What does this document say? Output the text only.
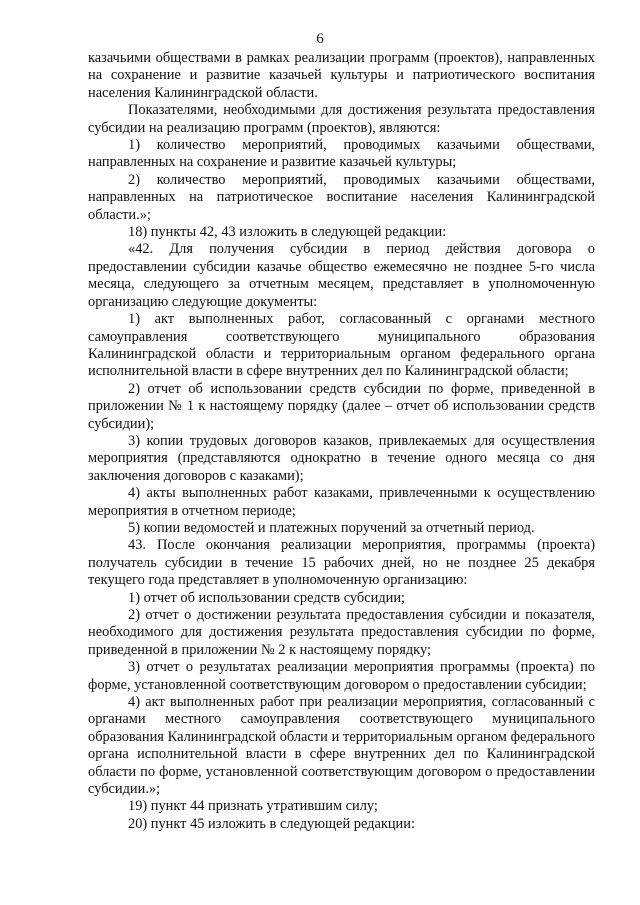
6

казачьими обществами в рамках реализации программ (проектов), направленных на сохранение и развитие казачьей культуры и патриотического воспитания населения Калининградской области.

Показателями, необходимыми для достижения результата предоставления субсидии на реализацию программ (проектов), являются:

1) количество мероприятий, проводимых казачьими обществами, направленных на сохранение и развитие казачьей культуры;

2) количество мероприятий, проводимых казачьими обществами, направленных на патриотическое воспитание населения Калининградской области.»;

18) пункты 42, 43 изложить в следующей редакции:

«42. Для получения субсидии в период действия договора о предоставлении субсидии казачье общество ежемесячно не позднее 5-го числа месяца, следующего за отчетным месяцем, представляет в уполномоченную организацию следующие документы:

1) акт выполненных работ, согласованный с органами местного самоуправления соответствующего муниципального образования Калининградской области и территориальным органом федерального органа исполнительной власти в сфере внутренних дел по Калининградской области;

2) отчет об использовании средств субсидии по форме, приведенной в приложении № 1 к настоящему порядку (далее – отчет об использовании средств субсидии);

3) копии трудовых договоров казаков, привлекаемых для осуществления мероприятия (представляются однократно в течение одного месяца со дня заключения договоров с казаками);

4) акты выполненных работ казаками, привлеченными к осуществлению мероприятия в отчетном периоде;

5) копии ведомостей и платежных поручений за отчетный период.

43. После окончания реализации мероприятия, программы (проекта) получатель субсидии в течение 15 рабочих дней, но не позднее 25 декабря текущего года представляет в уполномоченную организацию:

1) отчет об использовании средств субсидии;

2) отчет о достижении результата предоставления субсидии и показателя, необходимого для достижения результата предоставления субсидии по форме, приведенной в приложении № 2 к настоящему порядку;

3) отчет о результатах реализации мероприятия программы (проекта) по форме, установленной соответствующим договором о предоставлении субсидии;

4) акт выполненных работ при реализации мероприятия, согласованный с органами местного самоуправления соответствующего муниципального образования Калининградской области и территориальным органом федерального органа исполнительной власти в сфере внутренних дел по Калининградской области по форме, установленной соответствующим договором о предоставлении субсидии.»;

19) пункт 44 признать утратившим силу;

20) пункт 45 изложить в следующей редакции:
